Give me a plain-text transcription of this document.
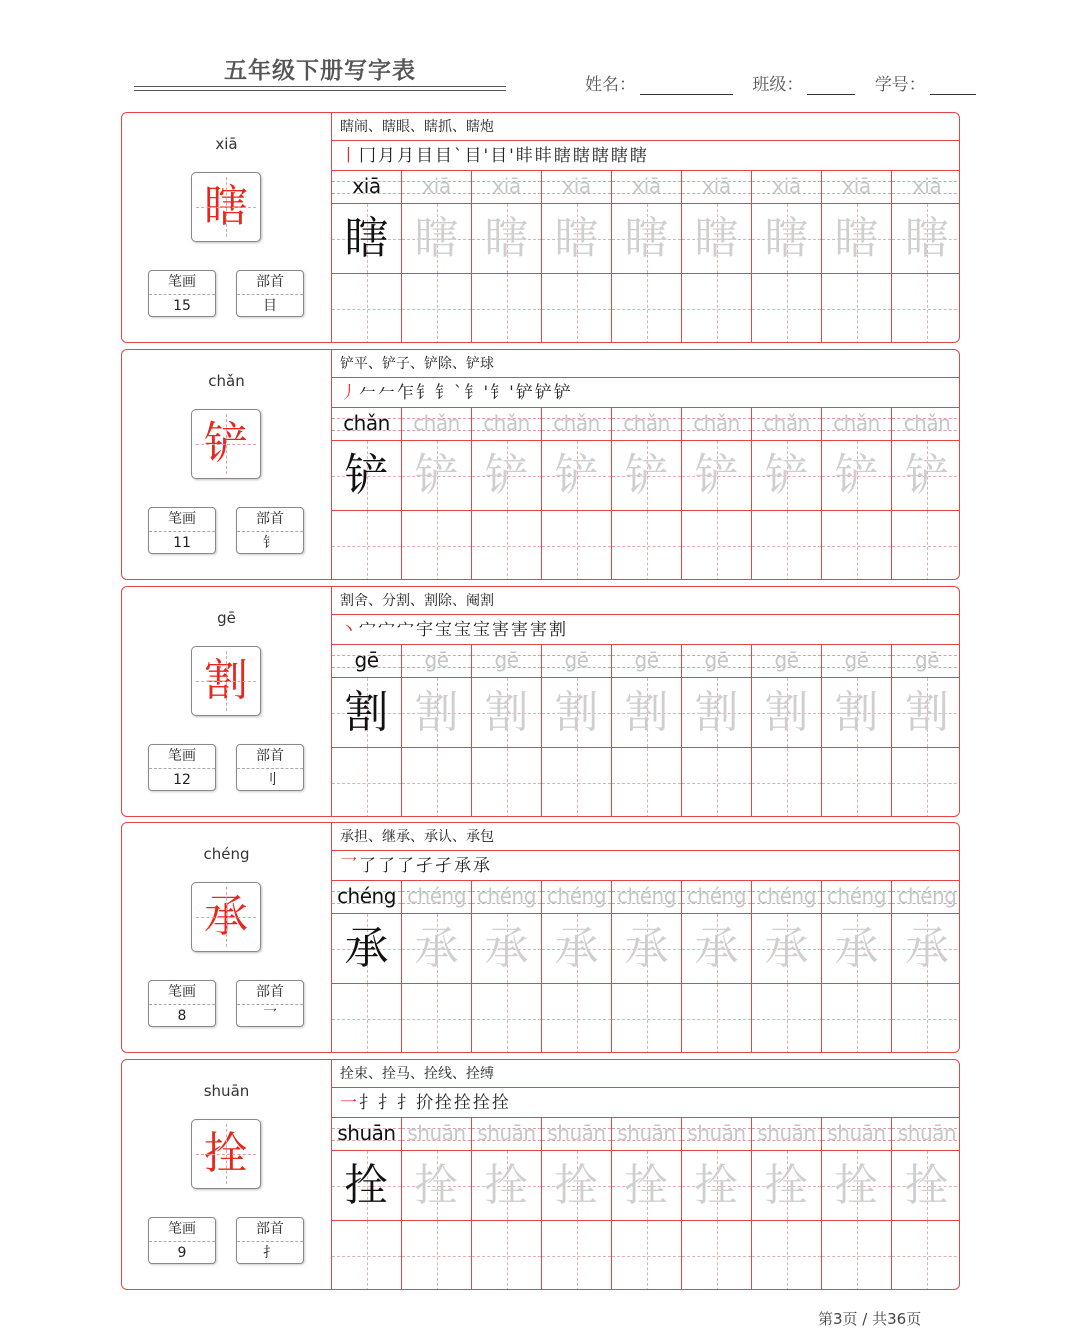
五年级下册写字表
姓名：	班级：	学号：
xiā
瞎
笔画
15
部首
目
瞎闹、瞎眼、瞎抓、瞎炮
丨冂月月目目`目'目'盽盽瞎瞎瞎瞎瞎
xiā	xiā	xiā	xiā	xiā	xiā	xiā	xiā	xiā
瞎 瞎 瞎 瞎 瞎 瞎 瞎 瞎 瞎
chǎn
铲
笔画
11
部首
钅
铲平、铲子、铲除、铲球
丿𠂉𠂉乍钅钅`钅'钅'铲铲铲
chǎn	chǎn	chǎn	chǎn	chǎn	chǎn	chǎn	chǎn	chǎn
铲 铲 铲 铲 铲 铲 铲 铲 铲
gē
割
笔画
12
部首
刂
割舍、分割、割除、阉割
丶宀宀宀宇宝宝宝害害害割
gē	gē	gē	gē	gē	gē	gē	gē	gē
割 割 割 割 割 割 割 割 割
chéng
承
笔画
8
部首
乛
承担、继承、承认、承包
乛了了了孑孑承承
chéng chéng chéng chéng chéng chéng chéng chéng chéng
承 承 承 承 承 承 承 承 承
shuān
拴
笔画
9
部首
扌
拴束、拴马、拴线、拴缚
一扌扌扌扴拴拴拴拴
shuān shuān shuān shuān shuān shuān shuān shuān shuān
拴 拴 拴 拴 拴 拴 拴 拴 拴
第3页 / 共36页
